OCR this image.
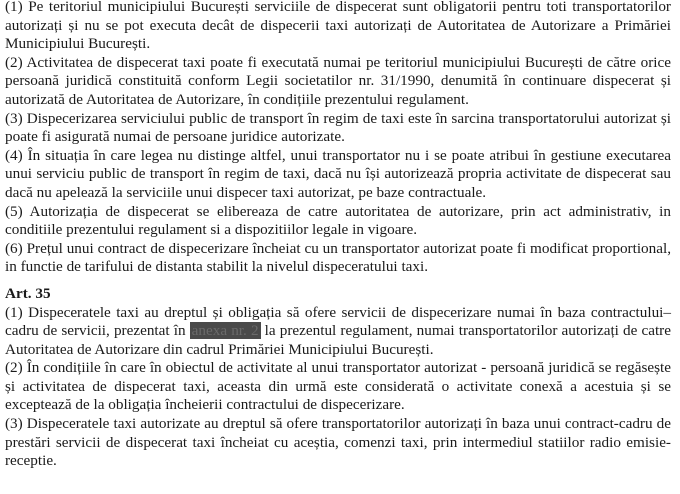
(1) Pe teritoriul municipiului București serviciile de dispecerat sunt obligatorii pentru toti transportatorilor autorizați și nu se pot executa decât de dispecerii taxi autorizați de Autoritatea de Autorizare a Primăriei Municipiului București.

(2) Activitatea de dispecerat taxi poate fi executată numai pe teritoriul municipiului București de către orice persoană juridică constituită conform Legii societatilor nr. 31/1990, denumită în continuare dispecerat și autorizată de Autoritatea de Autorizare, în condițiile prezentului regulament.

(3) Dispecerizarea serviciului public de transport în regim de taxi este în sarcina transportatorului autorizat și poate fi asigurată numai de persoane juridice autorizate.

(4) În situația în care legea nu distinge altfel, unui transportator nu i se poate atribui în gestiune executarea unui serviciu public de transport în regim de taxi, dacă nu își autorizează propria activitate de dispecerat sau dacă nu apelează la serviciile unui dispecer taxi autorizat, pe baze contractuale.

(5) Autorizația de dispecerat se elibereaza de catre autoritatea de autorizare, prin act administrativ, in conditiile prezentului regulament si a dispozitiilor legale in vigoare.

(6) Prețul unui contract de dispecerizare încheiat cu un transportator autorizat poate fi modificat proportional, in functie de tarifului de distanta stabilit la nivelul dispeceratului taxi.

Art. 35

(1) Dispeceratele taxi au dreptul și obligația să ofere servicii de dispecerizare numai în baza contractului–cadru de servicii, prezentat în anexa nr. 2 la prezentul regulament, numai transportatorilor autorizați de catre Autoritatea de Autorizare din cadrul Primăriei Municipiului București.

(2) În condițiile în care în obiectul de activitate al unui transportator autorizat - persoană juridică se regăsește și activitatea de dispecerat taxi, aceasta din urmă este considerată o activitate conexă a acestuia și se exceptează de la obligația încheierii contractului de dispecerizare.

(3) Dispeceratele taxi autorizate au dreptul să ofere transportatorilor autorizați în baza unui contract-cadru de prestări servicii de dispecerat taxi încheiat cu aceștia, comenzi taxi, prin intermediul statiilor radio emisie- receptie.
